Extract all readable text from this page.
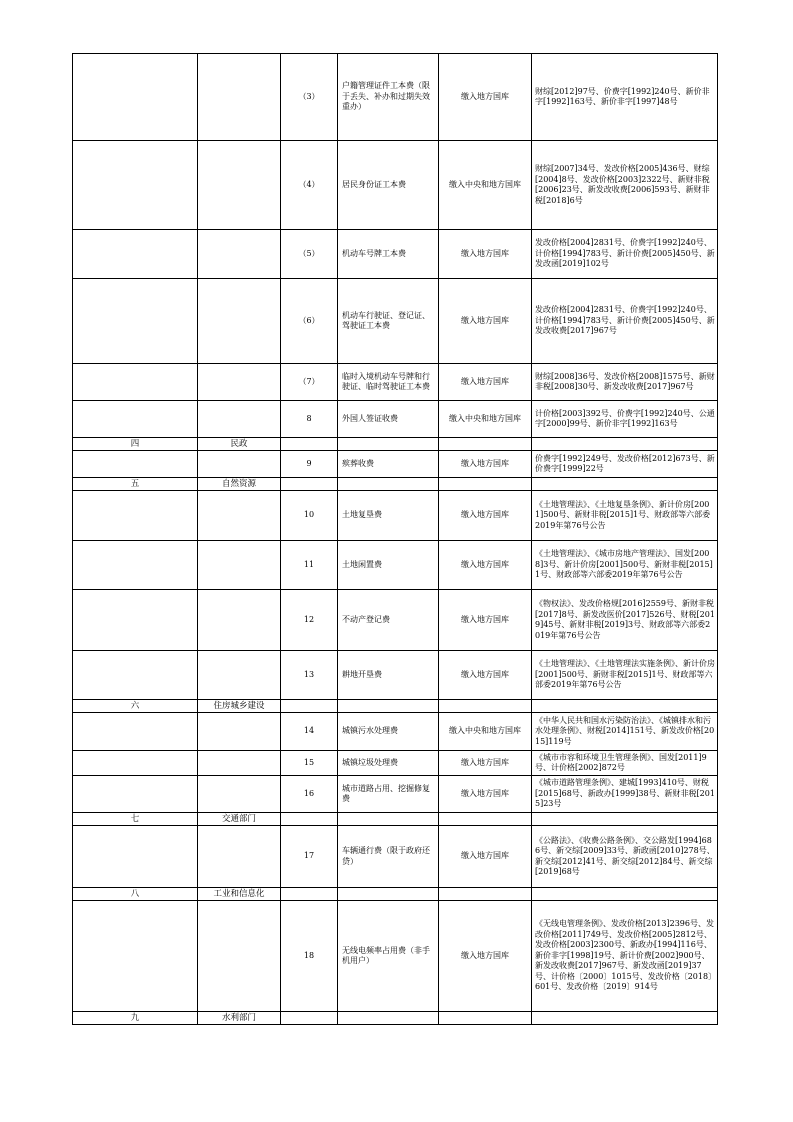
		（3）	户籍管理证件工本费（限于丢失、补办和过期失效重办）	缴入地方国库	财综[2012]97号、价费字[1992]240号、新价非字[1992]163号、新价非字[1997]48号
		（4）	居民身份证工本费	缴入中央和地方国库	财综[2007]34号、发改价格[2005]436号、财综[2004]8号、发改价格[2003]2322号、新财非税[2006]23号、新发改收费[2006]593号、新财非税[2018]6号
		（5）	机动车号牌工本费	缴入地方国库	发改价格[2004]2831号、价费字[1992]240号、计价格[1994]783号、新计价费[2005]450号、新发改函[2019]102号
		（6）	机动车行驶证、登记证、驾驶证工本费	缴入地方国库	发改价格[2004]2831号、价费字[1992]240号、计价格[1994]783号、新计价费[2005]450号、新发改收费[2017]967号
		（7）	临时入境机动车号牌和行驶证、临时驾驶证工本费	缴入地方国库	财综[2008]36号、发改价格[2008]1575号、新财非税[2008]30号、新发改收费[2017]967号
		8	外国人签证收费	缴入中央和地方国库	计价格[2003]392号、价费字[1992]240号、公通字[2000]99号、新价非字[1992]163号
四	民政				
		9	殡葬收费	缴入地方国库	价费字[1992]249号、发改价格[2012]673号、新价费字[1999]22号
五	自然资源				
		10	土地复垦费	缴入地方国库	《土地管理法》、《土地复垦条例》、新计价房[2001]500号、新财非税[2015]1号、财政部等六部委2019年第76号公告
		11	土地闲置费	缴入地方国库	《土地管理法》、《城市房地产管理法》、国发[2008]3号、新计价房[2001]500号、新财非税[2015]1号、财政部等六部委2019年第76号公告
		12	不动产登记费	缴入地方国库	《物权法》、发改价格规[2016]2559号、新财非税[2017]8号、新发改医价[2017]526号、财税[2019]45号、新财非税[2019]3号、财政部等六部委2019年第76号公告
		13	耕地开垦费	缴入地方国库	《土地管理法》、《土地管理法实施条例》、新计价房[2001]500号、新财非税[2015]1号、财政部等六部委2019年第76号公告
六	住房城乡建设				
		14	城镇污水处理费	缴入中央和地方国库	《中华人民共和国水污染防治法》、《城镇排水和污水处理条例》、财税[2014]151号、新发改价格[2015]119号
		15	城镇垃圾处理费	缴入地方国库	《城市市容和环境卫生管理条例》、国发[2011]9号、计价格[2002]872号
		16	城市道路占用、挖掘修复费	缴入地方国库	《城市道路管理条例》、建城[1993]410号、财税[2015]68号、新政办[1999]38号、新财非税[2015]23号
七	交通部门				
		17	车辆通行费（限于政府还贷）	缴入地方国库	《公路法》、《收费公路条例》、交公路发[1994]686号、新交综[2009]33号、新政函[2010]278号、新交综[2012]41号、新交综[2012]84号、新交综[2019]68号
八	工业和信息化				
		18	无线电频率占用费（非手机用户）	缴入地方国库	《无线电管理条例》、发改价格[2013]2396号、发改价格[2011]749号、发改价格[2005]2812号、发改价格[2003]2300号、新政办[1994]116号、新价非字[1998]19号、新计价费[2002]900号、新发改收费[2017]967号、新发改函[2019]37号、计价格〔2000〕1015号、发改价格〔2018〕601号、发改价格〔2019〕914号
九	水利部门				
